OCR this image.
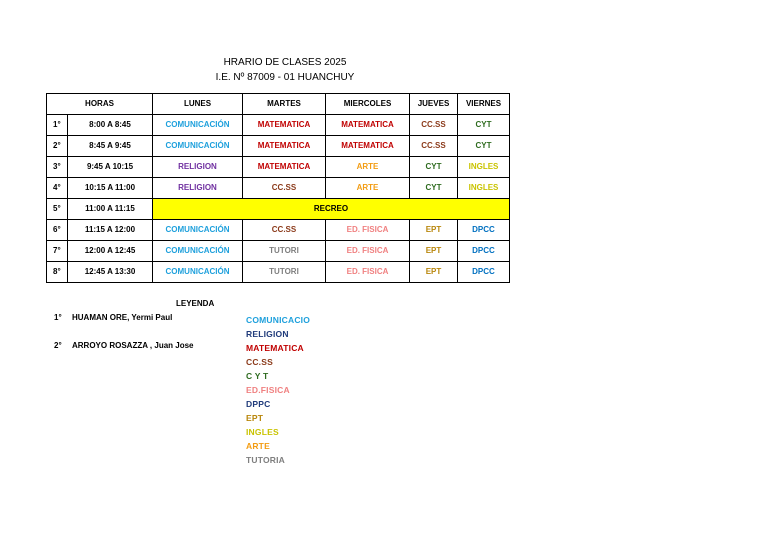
HRARIO DE CLASES 2025
I.E. Nº 87009 - 01 HUANCHUY
HORAS		LUNES	MARTES	MIERCOLES	JUEVES	VIERNES
1°	8:00 A 8:45	COMUNICACIÓN	MATEMATICA	MATEMATICA	CC.SS	CYT
2°	8:45 A 9:45	COMUNICACIÓN	MATEMATICA	MATEMATICA	CC.SS	CYT
3°	9:45 A 10:15	RELIGION	MATEMATICA	ARTE	CYT	INGLES
4°	10:15 A 11:00	RELIGION	CC.SS	ARTE	CYT	INGLES
5°	11:00 A 11:15	RECREO				
6°	11:15 A 12:00	COMUNICACIÓN	CC.SS	ED. FISICA	EPT	DPCC
7°	12:00 A 12:45	COMUNICACIÓN	TUTORI	ED. FISICA	EPT	DPCC
8°	12:45 A 13:30	COMUNICACIÓN	TUTORI	ED. FISICA	EPT	DPCC
LEYENDA
1° HUAMAN ORE, Yermi Paul
2° ARROYO ROSAZZA , Juan Jose
COMUNICACIO
RELIGION
MATEMATICA
CC.SS
C Y T
ED.FISICA
DPPC
EPT
INGLES
ARTE
TUTORIA
